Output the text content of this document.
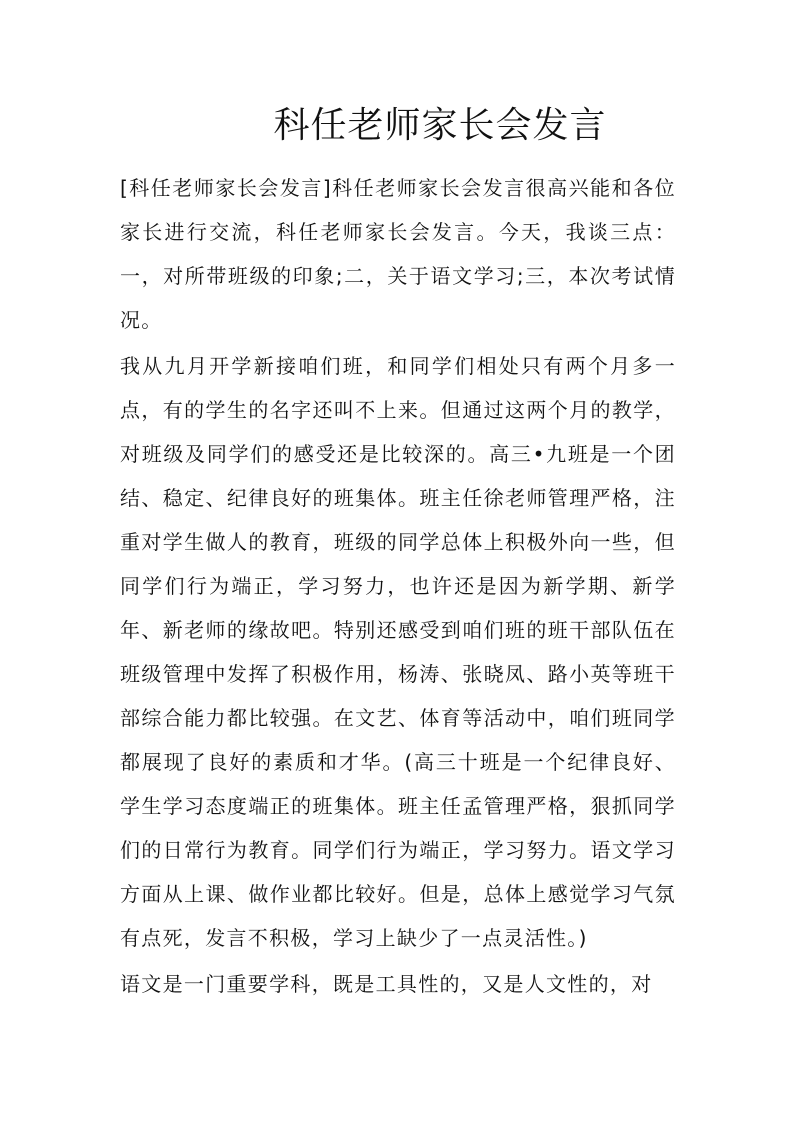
科任老师家长会发言

[科任老师家长会发言]科任老师家长会发言很高兴能和各位家长进行交流，科任老师家长会发言。今天，我谈三点：一，对所带班级的印象;二，关于语文学习;三，本次考试情况。

我从九月开学新接咱们班，和同学们相处只有两个月多一点，有的学生的名字还叫不上来。但通过这两个月的教学，对班级及同学们的感受还是比较深的。高三•九班是一个团结、稳定、纪律良好的班集体。班主任徐老师管理严格，注重对学生做人的教育，班级的同学总体上积极外向一些，但同学们行为端正，学习努力，也许还是因为新学期、新学年、新老师的缘故吧。特别还感受到咱们班的班干部队伍在班级管理中发挥了积极作用，杨涛、张晓凤、路小英等班干部综合能力都比较强。在文艺、体育等活动中，咱们班同学都展现了良好的素质和才华。(高三十班是一个纪律良好、学生学习态度端正的班集体。班主任孟管理严格，狠抓同学们的日常行为教育。同学们行为端正，学习努力。语文学习方面从上课、做作业都比较好。但是，总体上感觉学习气氛有点死，发言不积极，学习上缺少了一点灵活性。)

语文是一门重要学科，既是工具性的，又是人文性的，对
